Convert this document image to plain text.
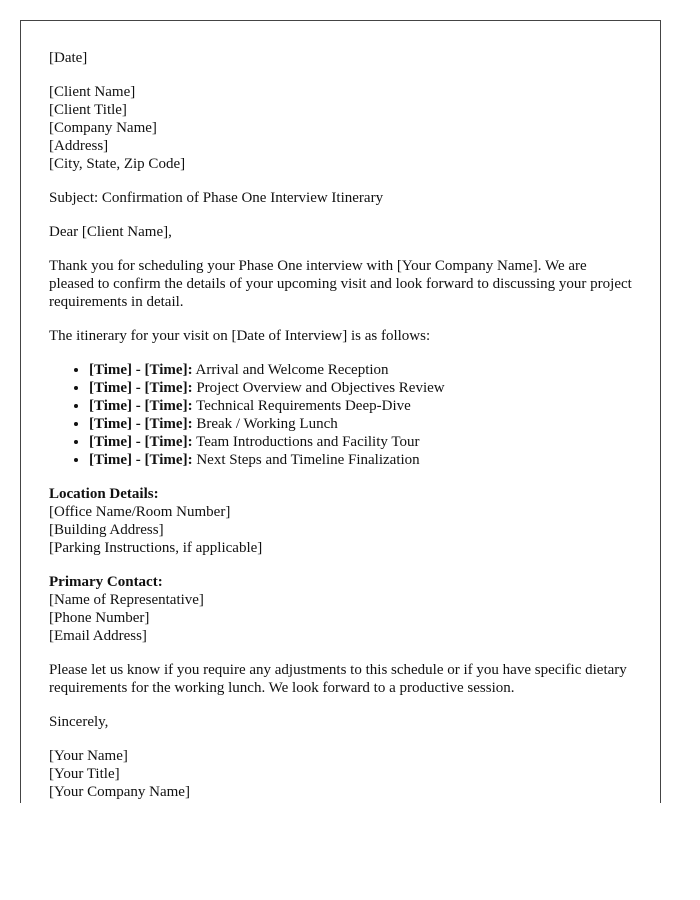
[Date]

[Client Name]
[Client Title]
[Company Name]
[Address]
[City, State, Zip Code]

Subject: Confirmation of Phase One Interview Itinerary

Dear [Client Name],

Thank you for scheduling your Phase One interview with [Your Company Name]. We are pleased to confirm the details of your upcoming visit and look forward to discussing your project requirements in detail.

The itinerary for your visit on [Date of Interview] is as follows:

• [Time] - [Time]: Arrival and Welcome Reception
• [Time] - [Time]: Project Overview and Objectives Review
• [Time] - [Time]: Technical Requirements Deep-Dive
• [Time] - [Time]: Break / Working Lunch
• [Time] - [Time]: Team Introductions and Facility Tour
• [Time] - [Time]: Next Steps and Timeline Finalization

Location Details:
[Office Name/Room Number]
[Building Address]
[Parking Instructions, if applicable]

Primary Contact:
[Name of Representative]
[Phone Number]
[Email Address]

Please let us know if you require any adjustments to this schedule or if you have specific dietary requirements for the working lunch. We look forward to a productive session.

Sincerely,

[Your Name]
[Your Title]
[Your Company Name]
